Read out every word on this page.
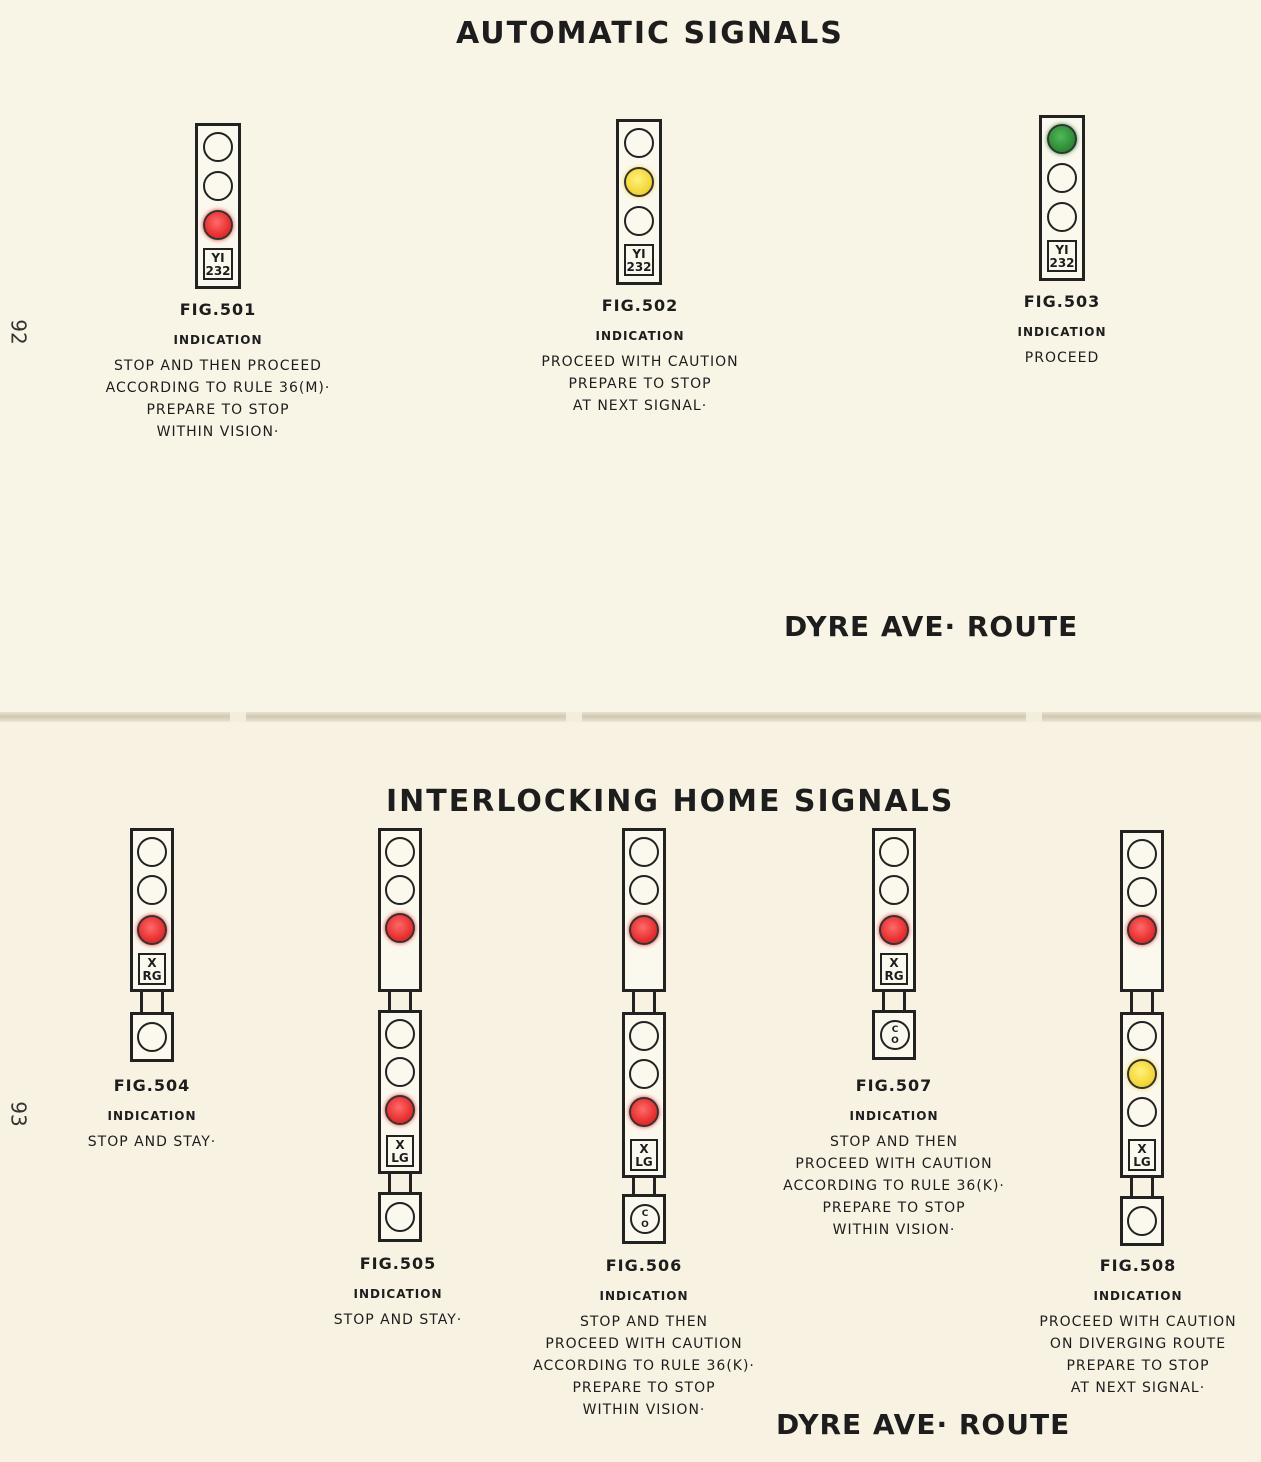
AUTOMATIC SIGNALS
92
YI
232
FIG.501
INDICATION
STOP AND THEN PROCEED
ACCORDING TO RULE 36(M)·
PREPARE TO STOP
WITHIN VISION·
YI
232
FIG.502
INDICATION
PROCEED WITH CAUTION
PREPARE TO STOP
AT NEXT SIGNAL·
YI
232
FIG.503
INDICATION
PROCEED
DYRE AVE· ROUTE
INTERLOCKING HOME SIGNALS
93
X
RG
FIG.504
INDICATION
STOP AND STAY·	X
LG
FIG.505
INDICATION
STOP AND STAY·
X
LG
C
O
FIG.506
INDICATION
STOP AND THEN
PROCEED WITH CAUTION
ACCORDING TO RULE 36(K)·
PREPARE TO STOP
WITHIN VISION·
X
RG
C
O
FIG.507
INDICATION
STOP AND THEN
PROCEED WITH CAUTION
ACCORDING TO RULE 36(K)·
PREPARE TO STOP
WITHIN VISION·
X
LG
FIG.508
INDICATION
PROCEED WITH CAUTION
ON DIVERGING ROUTE
PREPARE TO STOP
AT NEXT SIGNAL·
DYRE AVE· ROUTE
